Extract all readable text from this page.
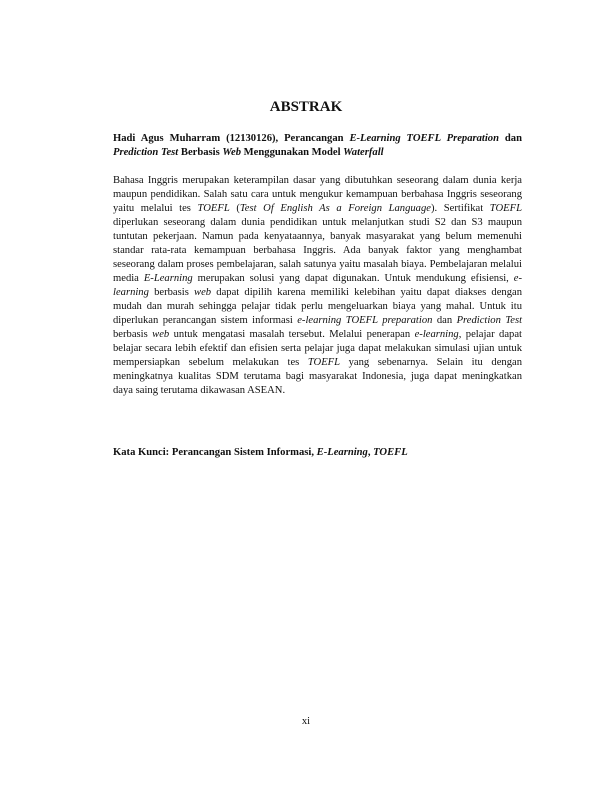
ABSTRAK

Hadi Agus Muharram (12130126), Perancangan E-Learning TOEFL Preparation dan Prediction Test Berbasis Web Menggunakan Model Waterfall

Bahasa Inggris merupakan keterampilan dasar yang dibutuhkan seseorang dalam dunia kerja maupun pendidikan. Salah satu cara untuk mengukur kemampuan berbahasa Inggris seseorang yaitu melalui tes TOEFL (Test Of English As a Foreign Language). Sertifikat TOEFL diperlukan seseorang dalam dunia pendidikan untuk melanjutkan studi S2 dan S3 maupun tuntutan pekerjaan. Namun pada kenyataannya, banyak masyarakat yang belum memenuhi standar rata-rata kemampuan berbahasa Inggris. Ada banyak faktor yang menghambat seseorang dalam proses pembelajaran, salah satunya yaitu masalah biaya. Pembelajaran melalui media E-Learning merupakan solusi yang dapat digunakan. Untuk mendukung efisiensi, e-learning berbasis web dapat dipilih karena memiliki kelebihan yaitu dapat diakses dengan mudah dan murah sehingga pelajar tidak perlu mengeluarkan biaya yang mahal. Untuk itu diperlukan perancangan sistem informasi e-learning TOEFL preparation dan Prediction Test berbasis web untuk mengatasi masalah tersebut. Melalui penerapan e-learning, pelajar dapat belajar secara lebih efektif dan efisien serta pelajar juga dapat melakukan simulasi ujian untuk mempersiapkan sebelum melakukan tes TOEFL yang sebenarnya. Selain itu dengan meningkatnya kualitas SDM terutama bagi masyarakat Indonesia, juga dapat meningkatkan daya saing terutama dikawasan ASEAN.

Kata Kunci: Perancangan Sistem Informasi, E-Learning, TOEFL

xi
